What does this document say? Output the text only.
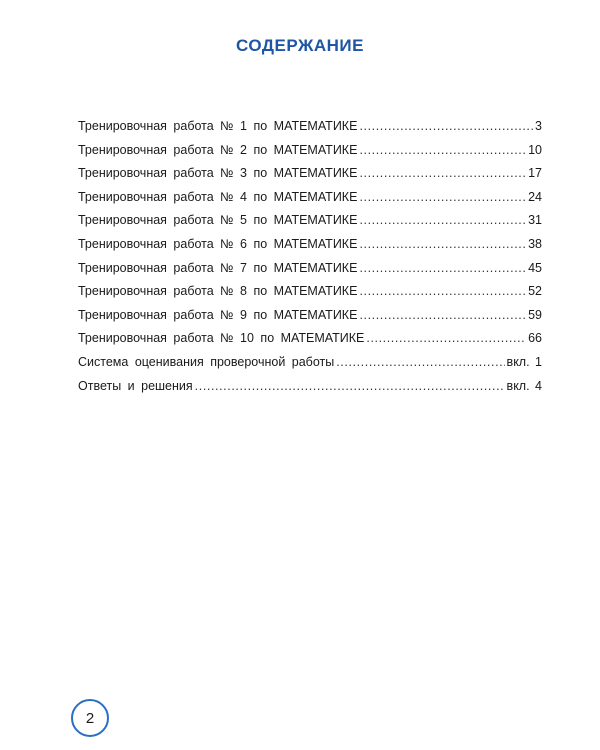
СОДЕРЖАНИЕ
Тренировочная работа № 1 по МАТЕМАТИКЕ .....	3
Тренировочная работа № 2 по МАТЕМАТИКЕ .....	10
Тренировочная работа № 3 по МАТЕМАТИКЕ .....	17
Тренировочная работа № 4 по МАТЕМАТИКЕ .....	24
Тренировочная работа № 5 по МАТЕМАТИКЕ .....	31
Тренировочная работа № 6 по МАТЕМАТИКЕ .....	38
Тренировочная работа № 7 по МАТЕМАТИКЕ .....	45
Тренировочная работа № 8 по МАТЕМАТИКЕ .....	52
Тренировочная работа № 9 по МАТЕМАТИКЕ .....	59
Тренировочная работа № 10 по МАТЕМАТИКЕ .....	66
Система оценивания проверочной работы .....	вкл. 1
Ответы и решения .....	вкл. 4
2
